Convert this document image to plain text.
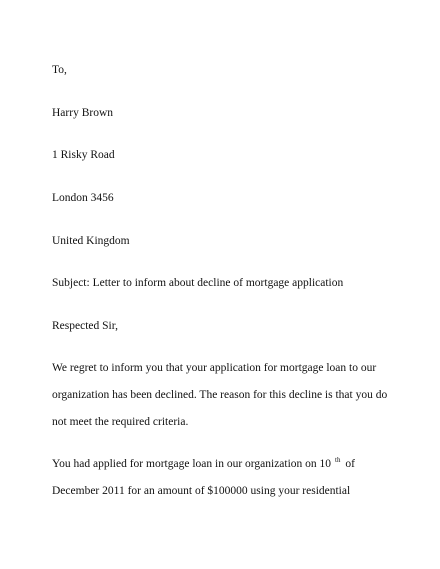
To,
Harry Brown
1 Risky Road
London 3456
United Kingdom
Subject: Letter to inform about decline of mortgage application
Respected Sir,
We regret to inform you that your application for mortgage loan to our
organization has been declined. The reason for this decline is that you do
not meet the required criteria.
You had applied for mortgage loan in our organization on 10 $^{th}$ of
December 2011 for an amount of $100000 using your residential
